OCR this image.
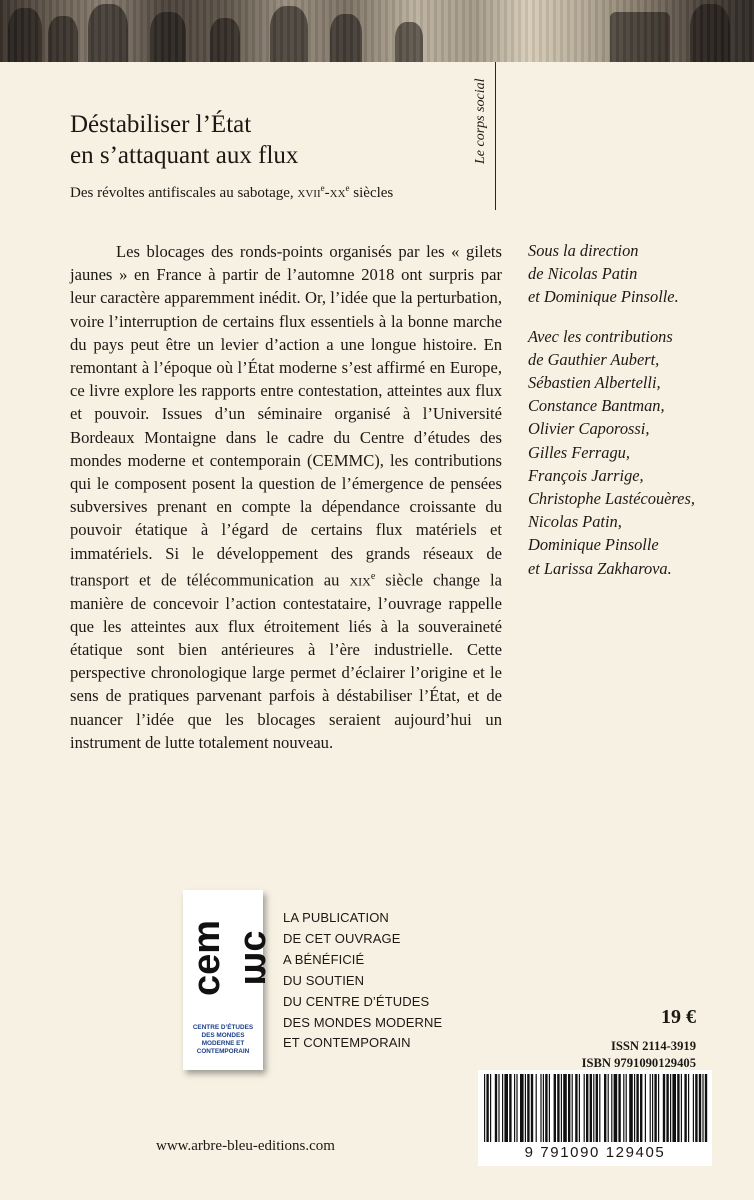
Le corps social
Déstabiliser l’État
en s’attaquant aux flux
Des révoltes antifiscales au sabotage, $xvii^e-xx^e$ siècles
Les blocages des ronds-points organisés par les « gilets jaunes » en France à partir de l’automne 2018 ont surpris par leur caractère apparemment inédit. Or, l’idée que la perturbation, voire l’interruption de certains flux essentiels à la bonne marche du pays peut être un levier d’action a une longue histoire. En remontant à l’époque où l’État moderne s’est affirmé en Europe, ce livre explore les rapports entre contestation, atteintes aux flux et pouvoir. Issues d’un séminaire organisé à l’Université Bordeaux Montaigne dans le cadre du Centre d’études des mondes moderne et contemporain (CEMMC), les contributions qui le composent posent la question de l’émergence de pensées subversives prenant en compte la dépendance croissante du pouvoir étatique à l’égard de certains flux matériels et immatériels. Si le développement des grands réseaux de transport et de télécommunication au xix$^e$ siècle change la manière de concevoir l’action contestataire, l’ouvrage rappelle que les atteintes aux flux étroitement liés à la souveraineté étatique sont bien antérieures à l’ère industrielle. Cette perspective chronologique large permet d’éclairer l’origine et le sens de pratiques parvenant parfois à déstabiliser l’État, et de nuancer l’idée que les blocages seraient aujourd’hui un instrument de lutte totalement nouveau.
Sous la direction
de Nicolas Patin
et Dominique Pinsolle.
Avec les contributions
de Gauthier Aubert,
Sébastien Albertelli,
Constance Bantman,
Olivier Caporossi,
Gilles Ferragu,
François Jarrige,
Christophe Lastécouères,
Nicolas Patin,
Dominique Pinsolle
et Larissa Zakharova.
cem mc
CENTRE D’ÉTUDES
DES MONDES
MODERNE ET
CONTEMPORAIN
LA PUBLICATION
DE CET OUVRAGE
A BÉNÉFICIÉ
DU SOUTIEN
DU CENTRE D’ÉTUDES
DES MONDES MODERNE
ET CONTEMPORAIN
19 €
ISSN 2114-3919
ISBN 9791090129405
9 791090 129405
www.arbre-bleu-editions.com
